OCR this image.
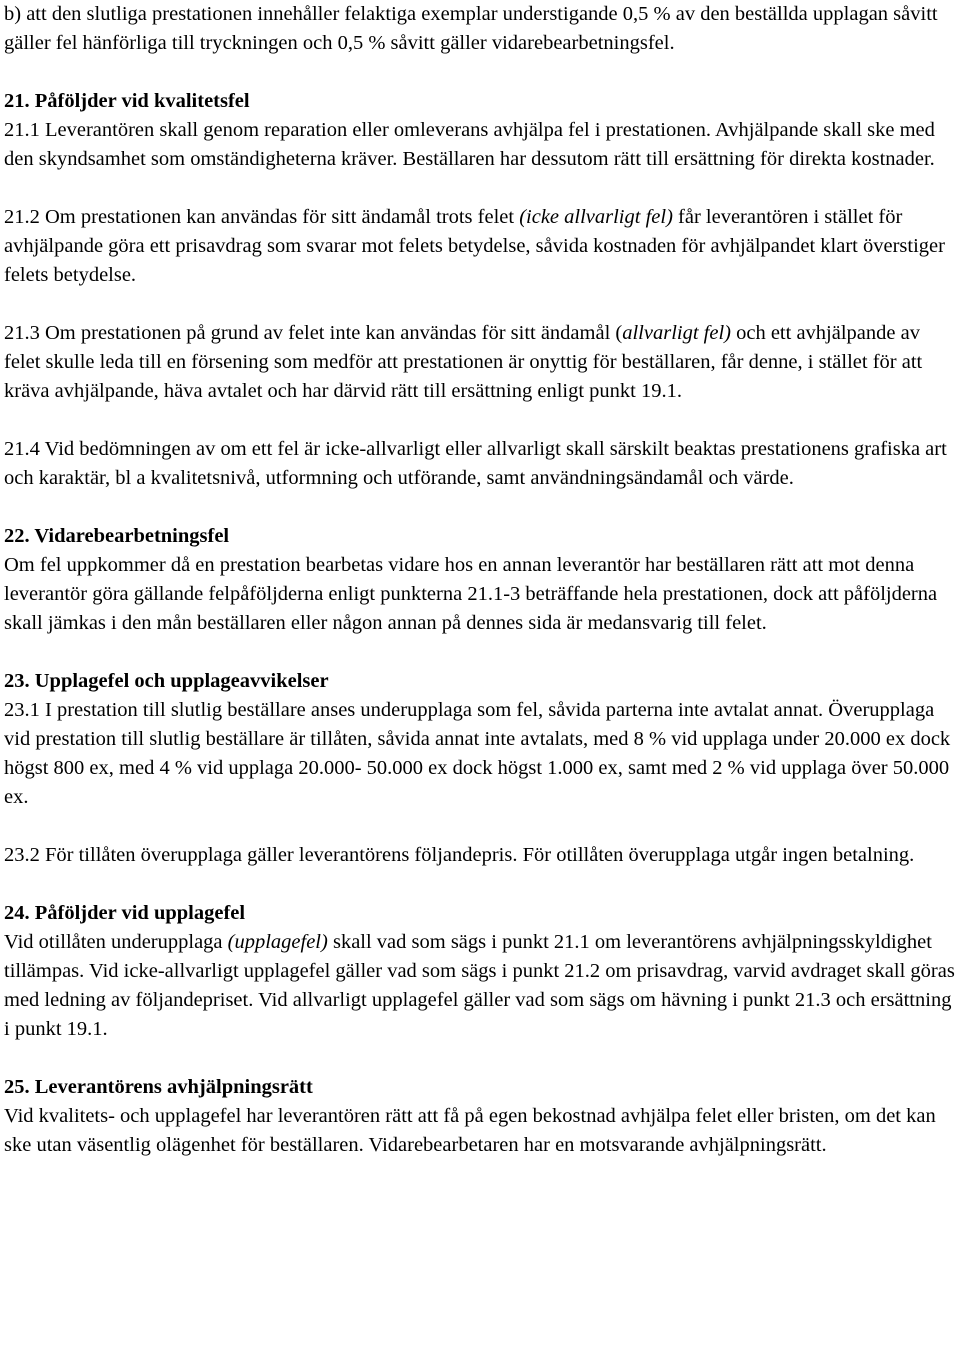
b) att den slutliga prestationen innehåller felaktiga exemplar understigande 0,5 % av den beställda upplagan såvitt gäller fel hänförliga till tryckningen och 0,5 % såvitt gäller vidarebearbetningsfel.

21. Påföljder vid kvalitetsfel

21.1 Leverantören skall genom reparation eller omleverans avhjälpa fel i prestationen. Avhjälpande skall ske med den skyndsamhet som omständigheterna kräver. Beställaren har dessutom rätt till ersättning för direkta kostnader.

21.2 Om prestationen kan användas för sitt ändamål trots felet (icke allvarligt fel) får leverantören i stället för avhjälpande göra ett prisavdrag som svarar mot felets betydelse, såvida kostnaden för avhjälpandet klart överstiger felets betydelse.

21.3 Om prestationen på grund av felet inte kan användas för sitt ändamål (allvarligt fel) och ett avhjälpande av felet skulle leda till en försening som medför att prestationen är onyttig för beställaren, får denne, i stället för att kräva avhjälpande, häva avtalet och har därvid rätt till ersättning enligt punkt 19.1.

21.4 Vid bedömningen av om ett fel är icke-allvarligt eller allvarligt skall särskilt beaktas prestationens grafiska art och karaktär, bl a kvalitetsnivå, utformning och utförande, samt användningsändamål och värde.

22. Vidarebearbetningsfel

Om fel uppkommer då en prestation bearbetas vidare hos en annan leverantör har beställaren rätt att mot denna leverantör göra gällande felpåföljderna enligt punkterna 21.1-3 beträffande hela prestationen, dock att påföljderna skall jämkas i den mån beställaren eller någon annan på dennes sida är medansvarig till felet.

23. Upplagefel och upplageavvikelser

23.1 I prestation till slutlig beställare anses underupplaga som fel, såvida parterna inte avtalat annat. Överupplaga vid prestation till slutlig beställare är tillåten, såvida annat inte avtalats, med 8 % vid upplaga under 20.000 ex dock högst 800 ex, med 4 % vid upplaga 20.000- 50.000 ex dock högst 1.000 ex, samt med 2 % vid upplaga över 50.000 ex.

23.2 För tillåten överupplaga gäller leverantörens följandepris. För otillåten överupplaga utgår ingen betalning.

24. Påföljder vid upplagefel

Vid otillåten underupplaga (upplagefel) skall vad som sägs i punkt 21.1 om leverantörens avhjälpningsskyldighet tillämpas. Vid icke-allvarligt upplagefel gäller vad som sägs i punkt 21.2 om prisavdrag, varvid avdraget skall göras med ledning av följandepriset. Vid allvarligt upplagefel gäller vad som sägs om hävning i punkt 21.3 och ersättning i punkt 19.1.

25. Leverantörens avhjälpningsrätt

Vid kvalitets- och upplagefel har leverantören rätt att få på egen bekostnad avhjälpa felet eller bristen, om det kan ske utan väsentlig olägenhet för beställaren. Vidarebearbetaren har en motsvarande avhjälpningsrätt.
